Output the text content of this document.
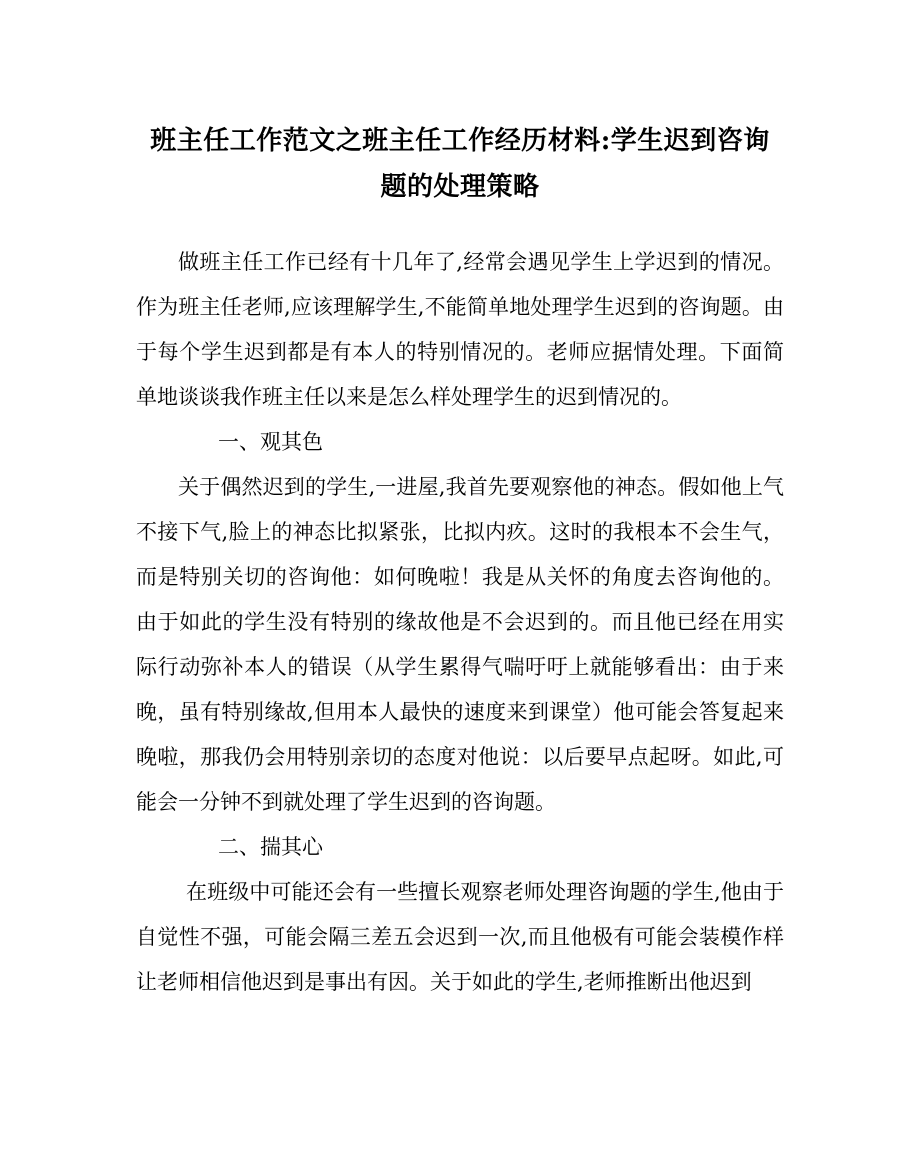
班主任工作范文之班主任工作经历材料:学生迟到咨询
题的处理策略

做班主任工作已经有十几年了,经常会遇见学生上学迟到的情况。作为班主任老师,应该理解学生,不能简单地处理学生迟到的咨询题。由于每个学生迟到都是有本人的特别情况的。老师应据情处理。下面简单地谈谈我作班主任以来是怎么样处理学生的迟到情况的。

一、观其色

关于偶然迟到的学生,一进屋,我首先要观察他的神态。假如他上气不接下气,脸上的神态比拟紧张，比拟内疚。这时的我根本不会生气，而是特别关切的咨询他：如何晚啦！我是从关怀的角度去咨询他的。由于如此的学生没有特别的缘故他是不会迟到的。而且他已经在用实际行动弥补本人的错误（从学生累得气喘吁吁上就能够看出：由于来晚，虽有特别缘故,但用本人最快的速度来到课堂）他可能会答复起来晚啦，那我仍会用特别亲切的态度对他说：以后要早点起呀。如此,可能会一分钟不到就处理了学生迟到的咨询题。

二、揣其心

在班级中可能还会有一些擅长观察老师处理咨询题的学生,他由于自觉性不强，可能会隔三差五会迟到一次,而且他极有可能会装模作样让老师相信他迟到是事出有因。关于如此的学生,老师推断出他迟到
